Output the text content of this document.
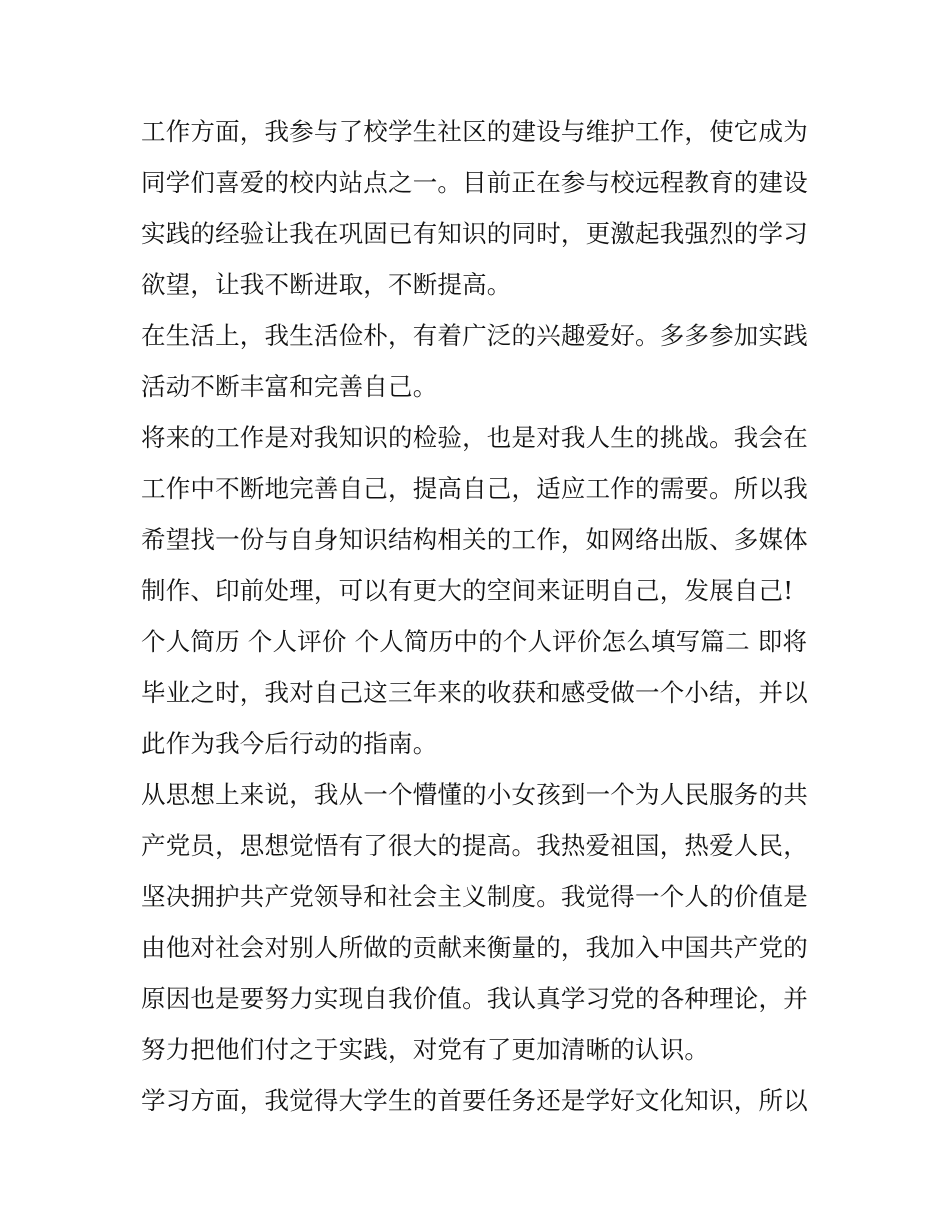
工作方面，我参与了校学生社区的建设与维护工作，使它成为
同学们喜爱的校内站点之一。目前正在参与校远程教育的建设
实践的经验让我在巩固已有知识的同时，更激起我强烈的学习
欲望，让我不断进取，不断提高。
在生活上，我生活俭朴，有着广泛的兴趣爱好。多多参加实践
活动不断丰富和完善自己。
将来的工作是对我知识的检验，也是对我人生的挑战。我会在
工作中不断地完善自己，提高自己，适应工作的需要。所以我
希望找一份与自身知识结构相关的工作，如网络出版、多媒体
制作、印前处理，可以有更大的空间来证明自己，发展自己!
个人简历 个人评价 个人简历中的个人评价怎么填写篇二 即将
毕业之时，我对自己这三年来的收获和感受做一个小结，并以
此作为我今后行动的指南。
从思想上来说，我从一个懵懂的小女孩到一个为人民服务的共
产党员，思想觉悟有了很大的提高。我热爱祖国，热爱人民，
坚决拥护共产党领导和社会主义制度。我觉得一个人的价值是
由他对社会对别人所做的贡献来衡量的，我加入中国共产党的
原因也是要努力实现自我价值。我认真学习党的各种理论，并
努力把他们付之于实践，对党有了更加清晰的认识。
学习方面，我觉得大学生的首要任务还是学好文化知识，所以
